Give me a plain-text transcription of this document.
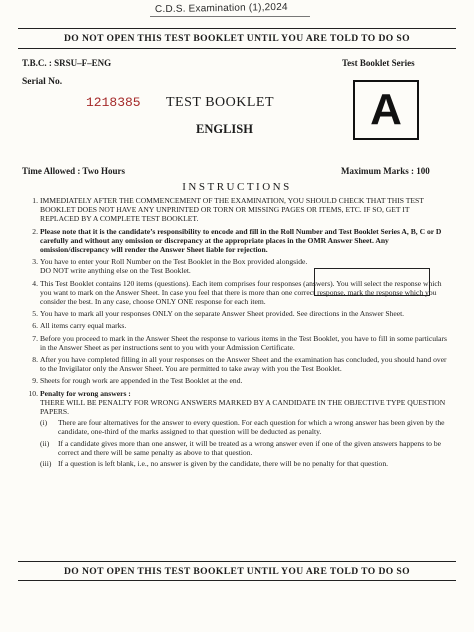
C.D.S. Examination (1),2024
DO NOT OPEN THIS TEST BOOKLET UNTIL YOU ARE TOLD TO DO SO
T.B.C. : SRSU–F–ENG	Test Booklet Series
Serial No.
1218385 TEST BOOKLET
ENGLISH	A
Time Allowed : Two Hours	Maximum Marks : 100
INSTRUCTIONS
1. IMMEDIATELY AFTER THE COMMENCEMENT OF THE EXAMINATION, YOU SHOULD CHECK THAT THIS TEST BOOKLET DOES NOT HAVE ANY UNPRINTED OR TORN OR MISSING PAGES OR ITEMS, ETC. IF SO, GET IT REPLACED BY A COMPLETE TEST BOOKLET.
2. Please note that it is the candidate’s responsibility to encode and fill in the Roll Number and Test Booklet Series A, B, C or D carefully and without any omission or discrepancy at the appropriate places in the OMR Answer Sheet. Any omission/discrepancy will render the Answer Sheet liable for rejection.
3. You have to enter your Roll Number on the Test Booklet in the Box provided alongside. DO NOT write anything else on the Test Booklet.
4. This Test Booklet contains 120 items (questions). Each item comprises four responses (answers). You will select the response which you want to mark on the Answer Sheet. In case you feel that there is more than one correct response, mark the response which you consider the best. In any case, choose ONLY ONE response for each item.
5. You have to mark all your responses ONLY on the separate Answer Sheet provided. See directions in the Answer Sheet.
6. All items carry equal marks.
7. Before you proceed to mark in the Answer Sheet the response to various items in the Test Booklet, you have to fill in some particulars in the Answer Sheet as per instructions sent to you with your Admission Certificate.
8. After you have completed filling in all your responses on the Answer Sheet and the examination has concluded, you should hand over to the Invigilator only the Answer Sheet. You are permitted to take away with you the Test Booklet.
9. Sheets for rough work are appended in the Test Booklet at the end.
10. Penalty for wrong answers :
THERE WILL BE PENALTY FOR WRONG ANSWERS MARKED BY A CANDIDATE IN THE OBJECTIVE TYPE QUESTION PAPERS.
(i) There are four alternatives for the answer to every question. For each question for which a wrong answer has been given by the candidate, one-third of the marks assigned to that question will be deducted as penalty.
(ii) If a candidate gives more than one answer, it will be treated as a wrong answer even if one of the given answers happens to be correct and there will be same penalty as above to that question.
(iii) If a question is left blank, i.e., no answer is given by the candidate, there will be no penalty for that question.
DO NOT OPEN THIS TEST BOOKLET UNTIL YOU ARE TOLD TO DO SO
